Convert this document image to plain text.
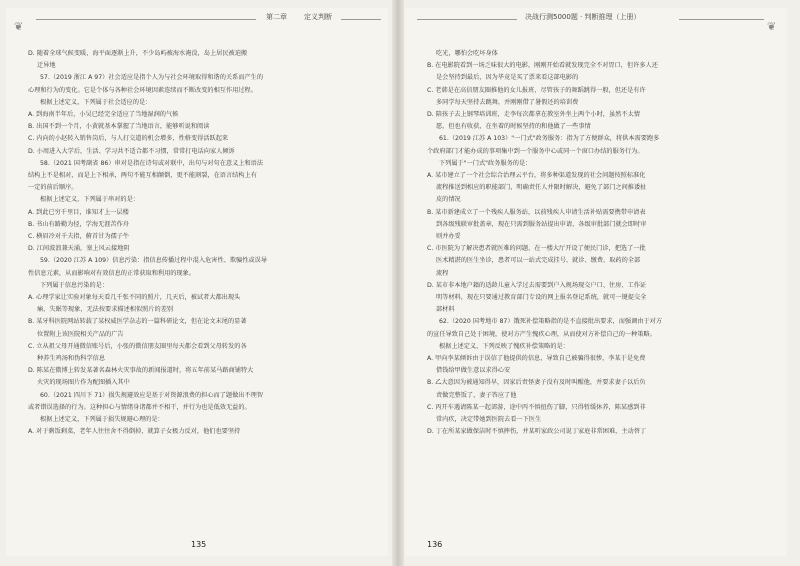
❦
第二章 定义判断

D. 随着全球气候变暖，海平面逐渐上升，不少岛屿被海水淹没，岛上居民被迫搬

迁异地

57.（2019 浙江 A 97）社会适应是指个人为与社会环境取得和谐的关系而产生的

心理和行为的变化。它是个体与各种社会环境因素连续而不断改变的相互作用过程。

根据上述定义，下列属于社会适应的是：

A. 到海南半年后，小吴已经完全适应了当地湿润的气候

B. 出国不到一个月，小黄就基本掌握了当地语言，能够听说和阅读

C. 内向的小赵转入销售岗后，与人打交道的机会增多，性格变得活跃起来

D. 小周进入大学后，生活、学习共不适合都不习惯，常常打电话向家人倾诉

58.（2021 国考副省 86）串对是指在诗句或对联中，出句与对句在意义上和语法

结构上不是相对，而是上下相承，两句不能互相颠倒，更不能割裂，在语言结构上有

一定的前后顺序。

根据上述定义，下列属于串对的是：

A. 到此已穷千里目，谁知才上一层楼

B. 书山有路勤为径，学海无涯苦作舟

C. 横眉冷对千夫指，俯首甘为孺子牛

D. 江间波浪兼天涌，塞上风云接地阴

59.（2020 江苏 A 109）信息污染：指信息传播过程中混入危害性、欺骗性或误导

性信息元素，从而影响对有效信息的正常获取和利用的现象。

下列属于信息污染的是：

A. 心理学家让实验对象每天看几千张不同的照片，几天后，被试者大都出现头

痛、失眠等现象，无法按要求描述相似照片的差别

B. 某牙科医院网站转载了某权威医学杂志的一篇科研论文，但在论文末尾的显著

位置附上该医院相关产品的广告

C. 立从祖父母开通微信账号后，小张的微信朋友圈里每天都会看到父母转发的各

种养生鸡汤和伪科学信息

D. 陈某在微博上转发某著名森林火灾事故的新闻报道时，将五年前某马路商铺特大

火灾的现场图片作为配图插入其中

60.（2021 四川下 71）损失规避效应是基于对资源浪费的担心而了题做出不理智

或者错误选择的行为。这种担心与情绪身诸都并不相干，并行为也是低效无益的。

根据上述定义，下列属于损失规避心理的是：

A. 对于剩饭剩菜，老年人往往舍不得倒掉，就算子女极力反对，他们也要坚持

135
❦
决战行测5000题 · 判断推理（上册）

吃光，哪怕会吃坏身体

B. 在电影院看到一场乏味很大的电影，刚刚开始看就发现完全不对胃口，但许多人还

是会坚持到最后，因为毕竟是买了票来看这部电影的

C. 老韩是在高信朋友圈推他的女儿报班，尽管孩子的舞蹈跳得一般，但还是有许

多同学每天坚持去跳舞，并刚刚借了暑假还的培训费

D. 陪孩子去上钢琴培训班，走李每次都拿在教室外坐上两个小时，虽然不太情

愿，但也有收获，在坐着的时候坚持的和他做了一些事情

61.（2019 江苏 A 103）"一门式"政务服务：指为了方便群众，将供本需要跑多

个政府部门才能办成的事项集中到一个服务中心或同一个窗口办结的服务行为。

下列属于"一门式"政务服务的是：

A. 某市建立了一个社会综合治理云平台，将多种渠道发现的社会问题按照标准化

流程推送到相应的职能部门，明确责任人并限时解决，避免了部门之间推诿扯

皮的情况

B. 某市新建成立了一个残疾人服务站，以前残疾人申请生活补贴需要携带申请表

到各级残联审批盖章，现在只需到服务站提出申请，各级审批部门就会即时审

则并办妥

C. 市医院为了解决患者就医难的问题，在一楼大厅开设了便民门诊，把选了一批

医术精湛的医生坐诊，患者可以一站式完成挂号、就诊、缴费、取药的全部

流程

D. 某市非本地户籍的适龄儿童入学过去需要到户入规场现交户口、住房、工作证

明等材料，现在只要通过教育部门专设的网上报名登记系统，就可一键提交全

部材料

62.（2020 国考地市 87）饿死补偿策略指的是不直接批出要求，而强调由于对方

的宣任导致自己处于困境，使对方产生愧疚心理，从而使对方补偿自己的一种策略。

根据上述定义，下列反映了愧疚补偿策略的是：

A. 甲向李某倾诉由于误信了他提供的信息，导致自己被骗得很惨，李某于是免费

借钱给甲做生意以求得心安

B. 乙大意因为被通知得早，因家后责怪妻子没有及时叫醒他，并要求妻子以后负

责做完整饭了，妻子答应了他

C. 丙开车遇请陈某一起郊游，途中丙不慎扭伤了脚，只得暂缓休养，陈某感到非

常内疚，决定带她到医院去看一下医生

D. 丁在所某家做保洁时不慎摔伤，并某听家政公司说丁家庭非常困难，主动替丁

136
